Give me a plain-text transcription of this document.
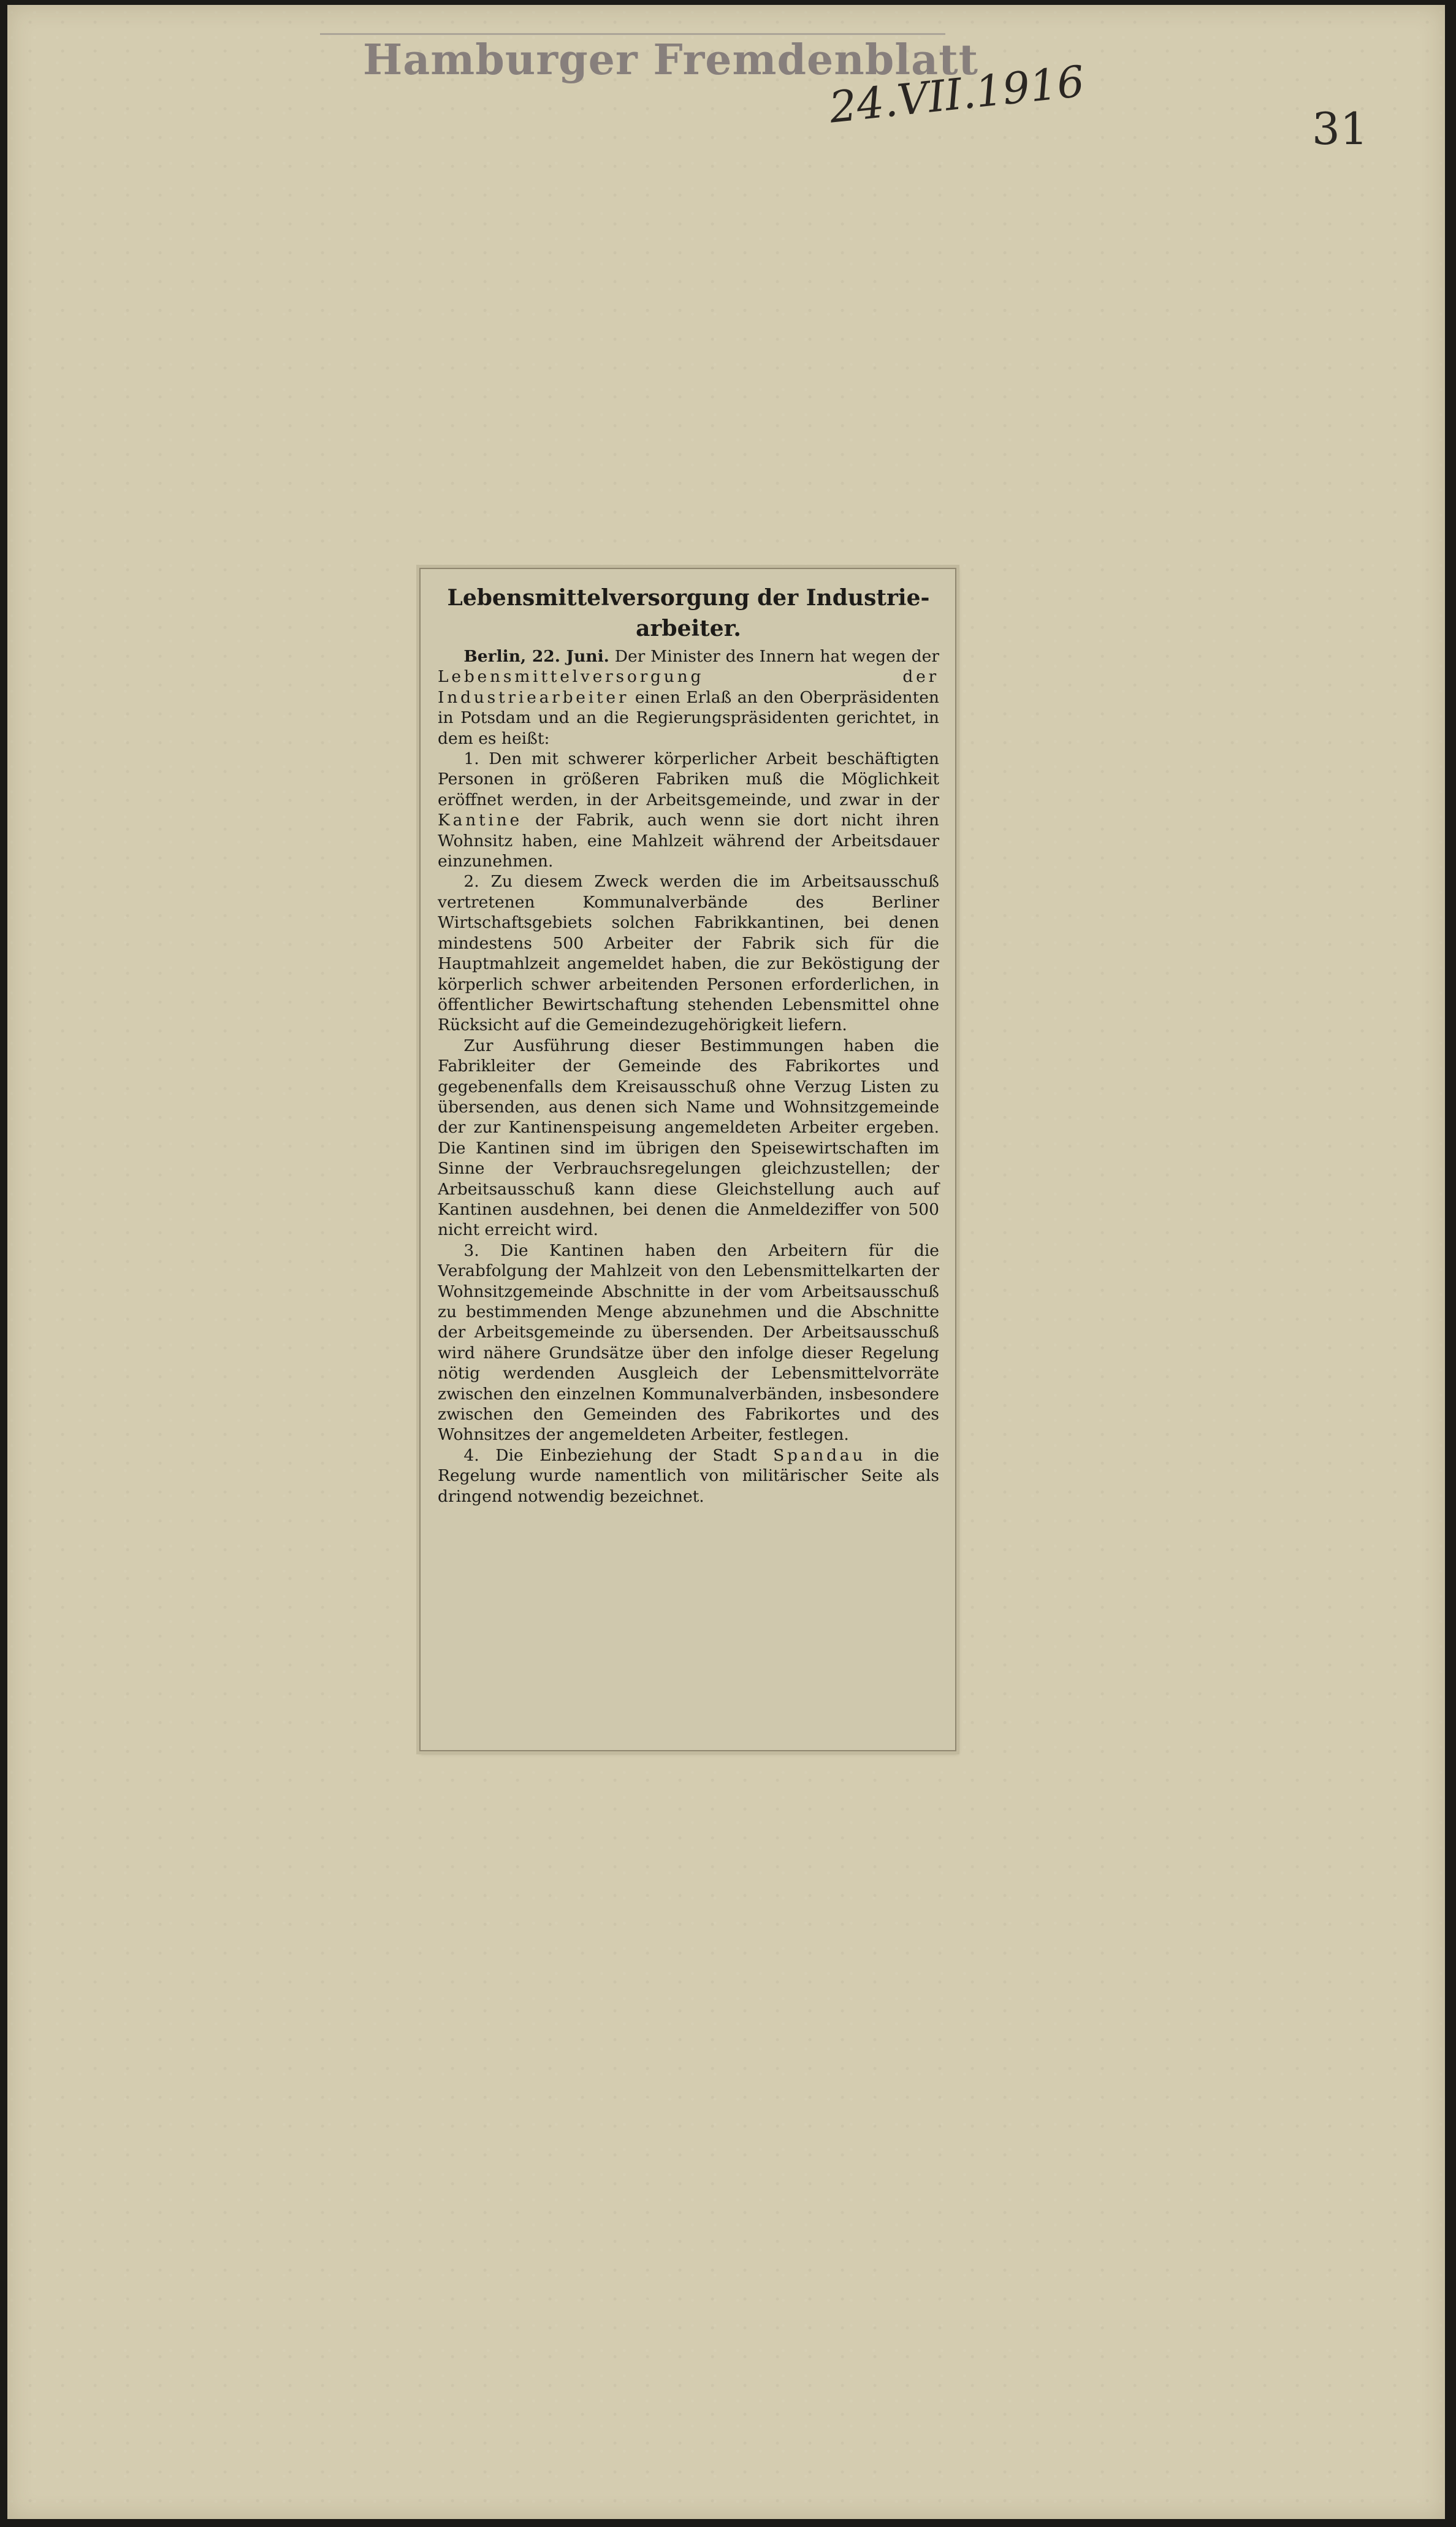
Hamburger Fremdenblatt
24.VII.1916	31
Lebensmittelversorgung der Industrie-
arbeiter.

Berlin, 22. Juni. Der Minister des Innern hat wegen der Lebensmittelversorgung der Industriearbeiter einen Erlaß an den Oberpräsidenten in Potsdam und an die Regierungspräsidenten gerichtet, in dem es heißt:

1. Den mit schwerer körperlicher Arbeit beschäftigten Personen in größeren Fabriken muß die Möglichkeit eröffnet werden, in der Arbeitsgemeinde, und zwar in der Kantine der Fabrik, auch wenn sie dort nicht ihren Wohnsitz haben, eine Mahlzeit während der Arbeitsdauer einzunehmen.

2. Zu diesem Zweck werden die im Arbeitsausschuß vertretenen Kommunalverbände des Berliner Wirtschaftsgebiets solchen Fabrikkantinen, bei denen mindestens 500 Arbeiter der Fabrik sich für die Hauptmahlzeit angemeldet haben, die zur Beköstigung der körperlich schwer arbeitenden Personen erforderlichen, in öffentlicher Bewirtschaftung stehenden Lebensmittel ohne Rücksicht auf die Gemeindezugehörigkeit liefern.

Zur Ausführung dieser Bestimmungen haben die Fabrikleiter der Gemeinde des Fabrikortes und gegebenenfalls dem Kreisausschuß ohne Verzug Listen zu übersenden, aus denen sich Name und Wohnsitzgemeinde der zur Kantinenspeisung angemeldeten Arbeiter ergeben. Die Kantinen sind im übrigen den Speisewirtschaften im Sinne der Verbrauchsregelungen gleichzustellen; der Arbeitsausschuß kann diese Gleichstellung auch auf Kantinen ausdehnen, bei denen die Anmeldeziffer von 500 nicht erreicht wird.

3. Die Kantinen haben den Arbeitern für die Verabfolgung der Mahlzeit von den Lebensmittelkarten der Wohnsitzgemeinde Abschnitte in der vom Arbeitsausschuß zu bestimmenden Menge abzunehmen und die Abschnitte der Arbeitsgemeinde zu übersenden. Der Arbeitsausschuß wird nähere Grundsätze über den infolge dieser Regelung nötig werdenden Ausgleich der Lebensmittelvorräte zwischen den einzelnen Kommunalverbänden, insbesondere zwischen den Gemeinden des Fabrikortes und des Wohnsitzes der angemeldeten Arbeiter, festlegen.

4. Die Einbeziehung der Stadt Spandau in die Regelung wurde namentlich von militärischer Seite als dringend notwendig bezeichnet.
